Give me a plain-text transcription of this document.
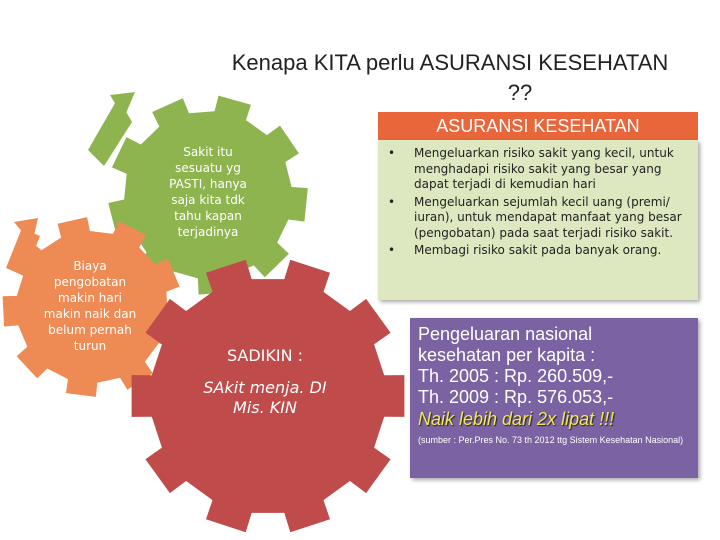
Kenapa KITA perlu ASURANSI KESEHATAN
??
Sakit itu sesuatu yg PASTI, hanya saja kita tdk tahu kapan terjadinya
Biaya pengobatan makin hari makin naik dan belum pernah turun	SADIKIN :
SAkit menja. DI Mis. KIN
ASURANSI KESEHATAN
• Mengeluarkan risiko sakit yang kecil, untuk menghadapi risiko sakit yang besar yang dapat terjadi di kemudian hari
• Mengeluarkan sejumlah kecil uang (premi/ iuran), untuk mendapat manfaat yang besar (pengobatan) pada saat terjadi risiko sakit.
• Membagi risiko sakit pada banyak orang.
Pengeluaran nasional
kesehatan per kapita :
Th. 2005 : Rp. 260.509,-
Th. 2009 : Rp. 576.053,-
Naik lebih dari 2x lipat !!!
(sumber : Per.Pres No. 73 th 2012 ttg Sistem Kesehatan Nasional)
